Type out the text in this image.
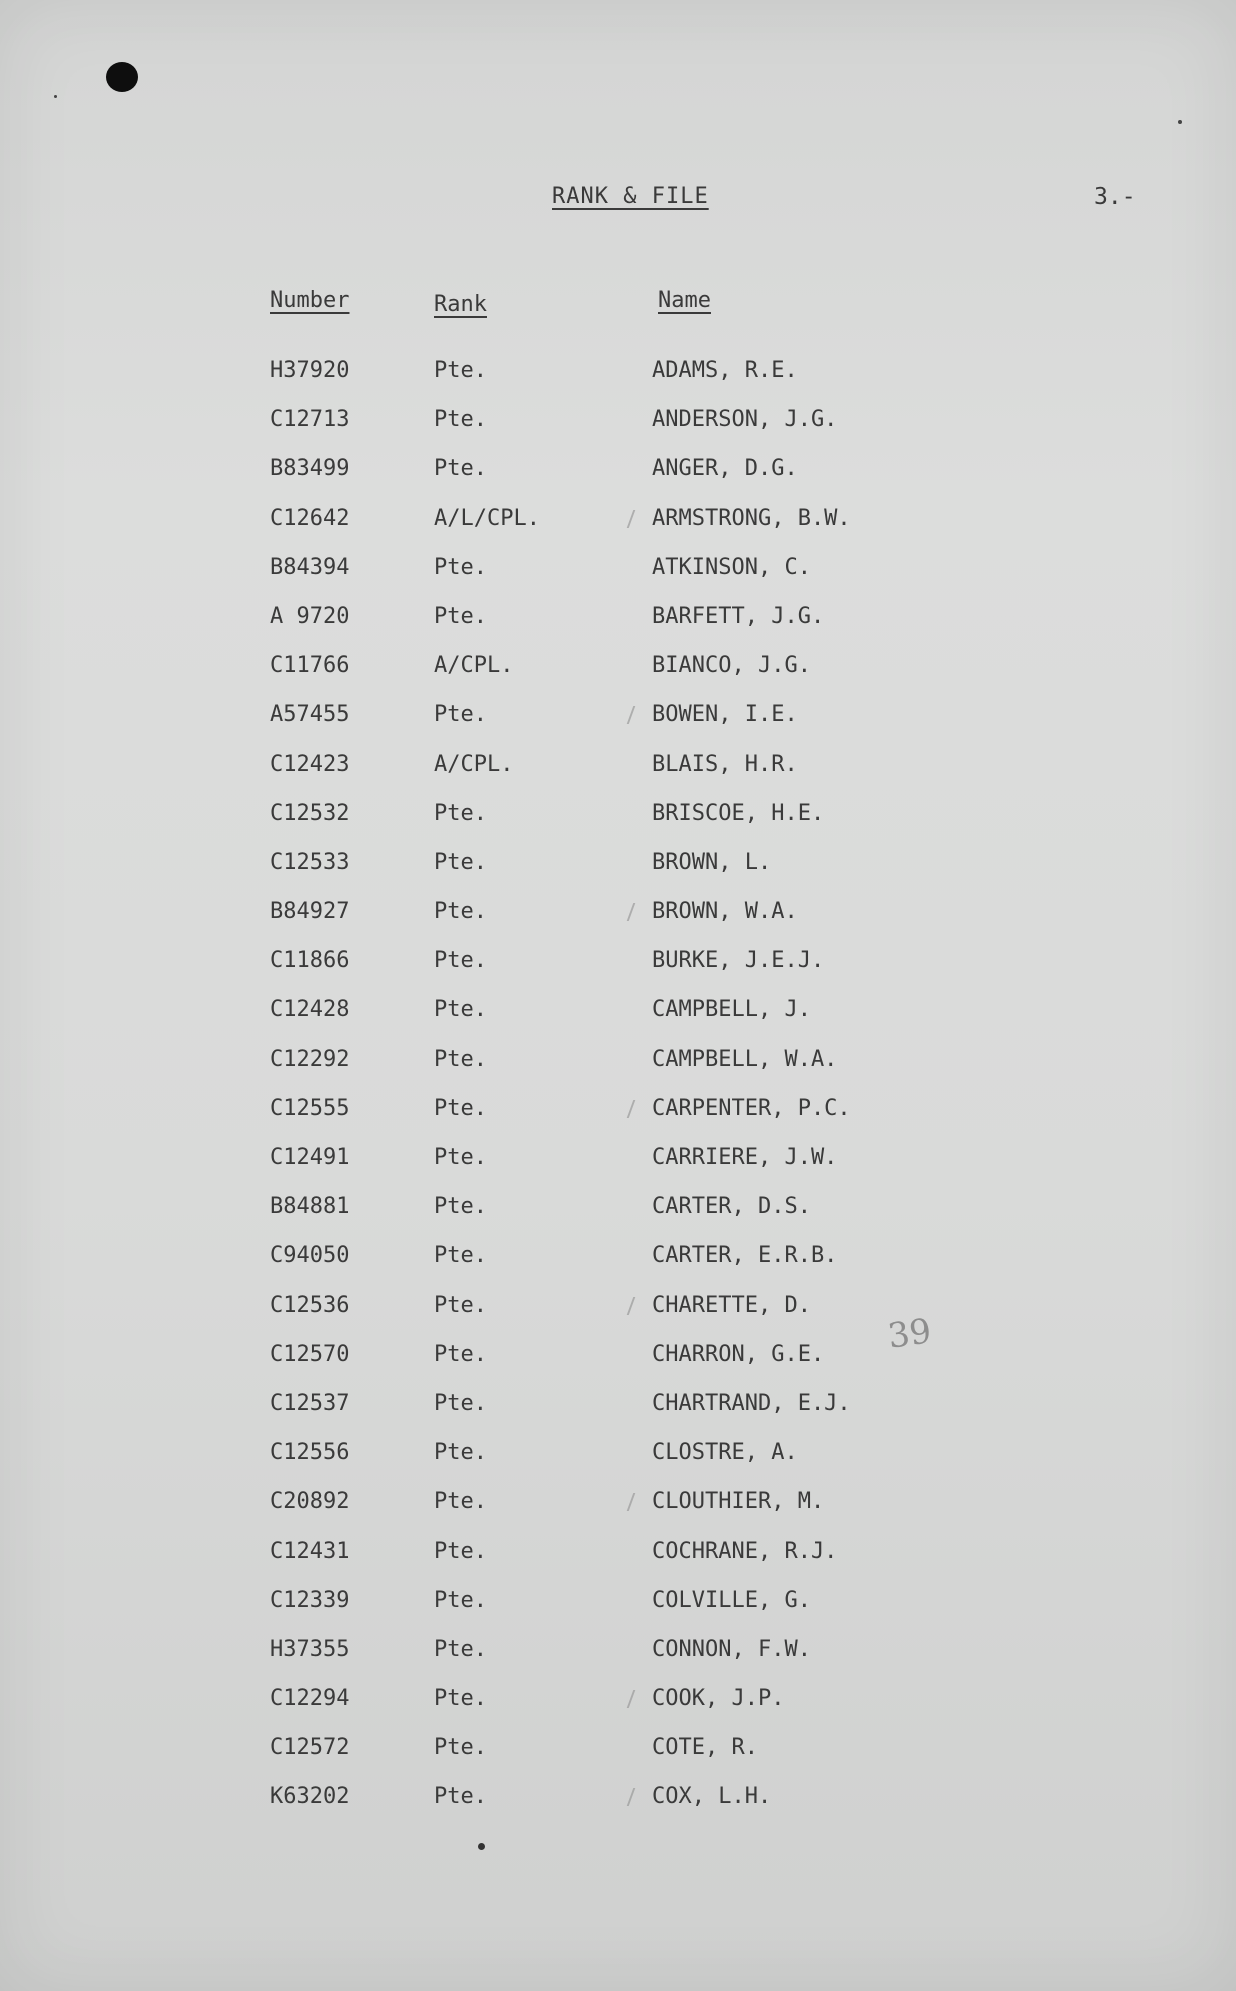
RANK & FILE	3.-
Number	Rank	Name
H37920	Pte.	ADAMS, R.E.
C12713	Pte.	ANDERSON, J.G.
B83499	Pte.	ANGER, D.G.
C12642	A/L/CPL.	ARMSTRONG, B.W.
B84394	Pte.	ATKINSON, C.
A 9720	Pte.	BARFETT, J.G.
C11766	A/CPL.	BIANCO, J.G.
A57455	Pte.	BOWEN, I.E.
C12423	A/CPL.	BLAIS, H.R.
C12532	Pte.	BRISCOE, H.E.
C12533	Pte.	BROWN, L.
B84927	Pte.	BROWN, W.A.
C11866	Pte.	BURKE, J.E.J.
C12428	Pte.	CAMPBELL, J.
C12292	Pte.	CAMPBELL, W.A.
C12555	Pte.	CARPENTER, P.C.
C12491	Pte.	CARRIERE, J.W.
B84881	Pte.	CARTER, D.S.
C94050	Pte.	CARTER, E.R.B.
C12536	Pte.	CHARETTE, D.
C12570	Pte.	CHARRON, G.E.
C12537	Pte.	CHARTRAND, E.J.
C12556	Pte.	CLOSTRE, A.
C20892	Pte.	CLOUTHIER, M.
C12431	Pte.	COCHRANE, R.J.
C12339	Pte.	COLVILLE, G.
H37355	Pte.	CONNON, F.W.
C12294	Pte.	COOK, J.P.
C12572	Pte.	COTE, R.
K63202	Pte.	COX, L.H.
39
